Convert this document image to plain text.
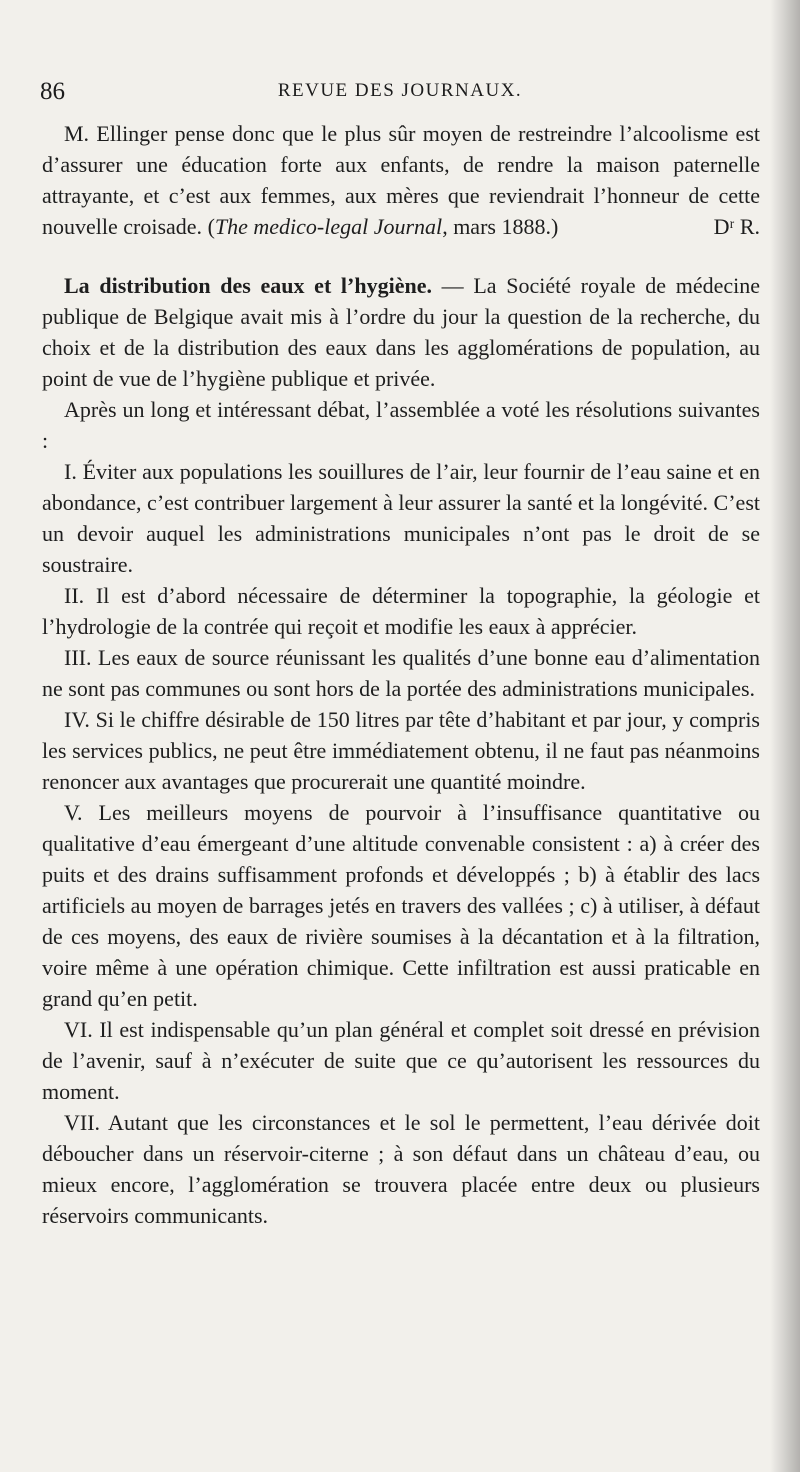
86	REVUE DES JOURNAUX.

M. Ellinger pense donc que le plus sûr moyen de restreindre l’alcoolisme est d’assurer une éducation forte aux enfants, de rendre la maison paternelle attrayante, et c’est aux femmes, aux mères que reviendrait l’honneur de cette nouvelle croisade. (The medico-legal Journal, mars 1888.)	Dʳ R.

La distribution des eaux et l’hygiène. — La Société royale de médecine publique de Belgique avait mis à l’ordre du jour la question de la recherche, du choix et de la distribution des eaux dans les agglomérations de population, au point de vue de l’hygiène publique et privée.

Après un long et intéressant débat, l’assemblée a voté les résolutions suivantes :

I. Éviter aux populations les souillures de l’air, leur fournir de l’eau saine et en abondance, c’est contribuer largement à leur assurer la santé et la longévité. C’est un devoir auquel les administrations municipales n’ont pas le droit de se soustraire.

II. Il est d’abord nécessaire de déterminer la topographie, la géologie et l’hydrologie de la contrée qui reçoit et modifie les eaux à apprécier.

III. Les eaux de source réunissant les qualités d’une bonne eau d’alimentation ne sont pas communes ou sont hors de la portée des administrations municipales.

IV. Si le chiffre désirable de 150 litres par tête d’habitant et par jour, y compris les services publics, ne peut être immédiatement obtenu, il ne faut pas néanmoins renoncer aux avantages que procurerait une quantité moindre.

V. Les meilleurs moyens de pourvoir à l’insuffisance quantitative ou qualitative d’eau émergeant d’une altitude convenable consistent : a) à créer des puits et des drains suffisamment profonds et développés ; b) à établir des lacs artificiels au moyen de barrages jetés en travers des vallées ; c) à utiliser, à défaut de ces moyens, des eaux de rivière soumises à la décantation et à la filtration, voire même à une opération chimique. Cette infiltration est aussi praticable en grand qu’en petit.

VI. Il est indispensable qu’un plan général et complet soit dressé en prévision de l’avenir, sauf à n’exécuter de suite que ce qu’autorisent les ressources du moment.

VII. Autant que les circonstances et le sol le permettent, l’eau dérivée doit déboucher dans un réservoir-citerne ; à son défaut dans un château d’eau, ou mieux encore, l’agglomération se trouvera placée entre deux ou plusieurs réservoirs communicants.
